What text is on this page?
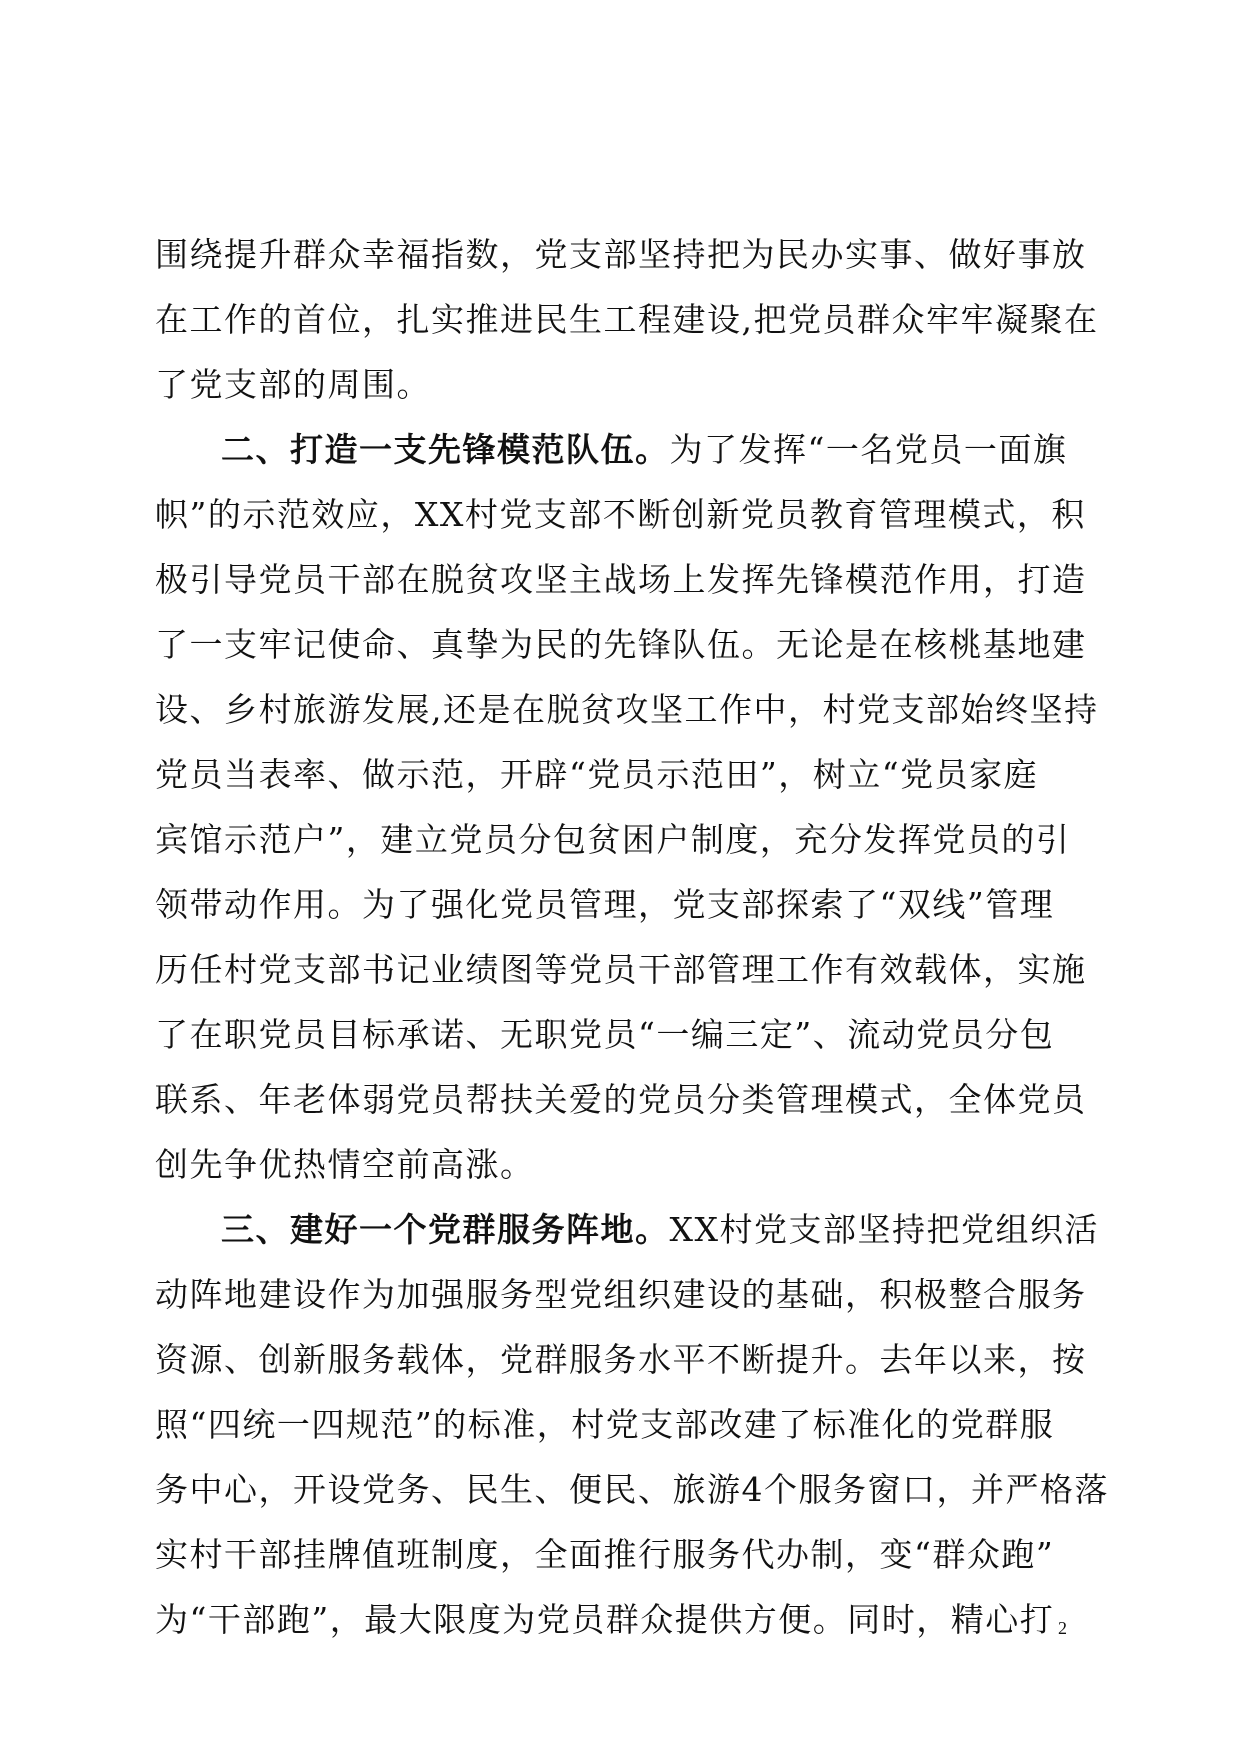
围绕提升群众幸福指数，党支部坚持把为民办实事、做好事放
在工作的首位，扎实推进民生工程建设,把党员群众牢牢凝聚在
了党支部的周围。
二、打造一支先锋模范队伍。为了发挥“一名党员一面旗
帜”的示范效应，XX村党支部不断创新党员教育管理模式，积
极引导党员干部在脱贫攻坚主战场上发挥先锋模范作用，打造
了一支牢记使命、真挚为民的先锋队伍。无论是在核桃基地建
设、乡村旅游发展,还是在脱贫攻坚工作中，村党支部始终坚持
党员当表率、做示范，开辟“党员示范田”，树立“党员家庭
宾馆示范户”，建立党员分包贫困户制度，充分发挥党员的引
领带动作用。为了强化党员管理，党支部探索了“双线”管理
历任村党支部书记业绩图等党员干部管理工作有效载体，实施
了在职党员目标承诺、无职党员“一编三定”、流动党员分包
联系、年老体弱党员帮扶关爱的党员分类管理模式，全体党员
创先争优热情空前高涨。
三、建好一个党群服务阵地。XX村党支部坚持把党组织活
动阵地建设作为加强服务型党组织建设的基础，积极整合服务
资源、创新服务载体，党群服务水平不断提升。去年以来，按
照“四统一四规范”的标准，村党支部改建了标准化的党群服
务中心，开设党务、民生、便民、旅游4个服务窗口，并严格落
实村干部挂牌值班制度，全面推行服务代办制，变“群众跑”
为“干部跑”，最大限度为党员群众提供方便。同时，精心打 2
